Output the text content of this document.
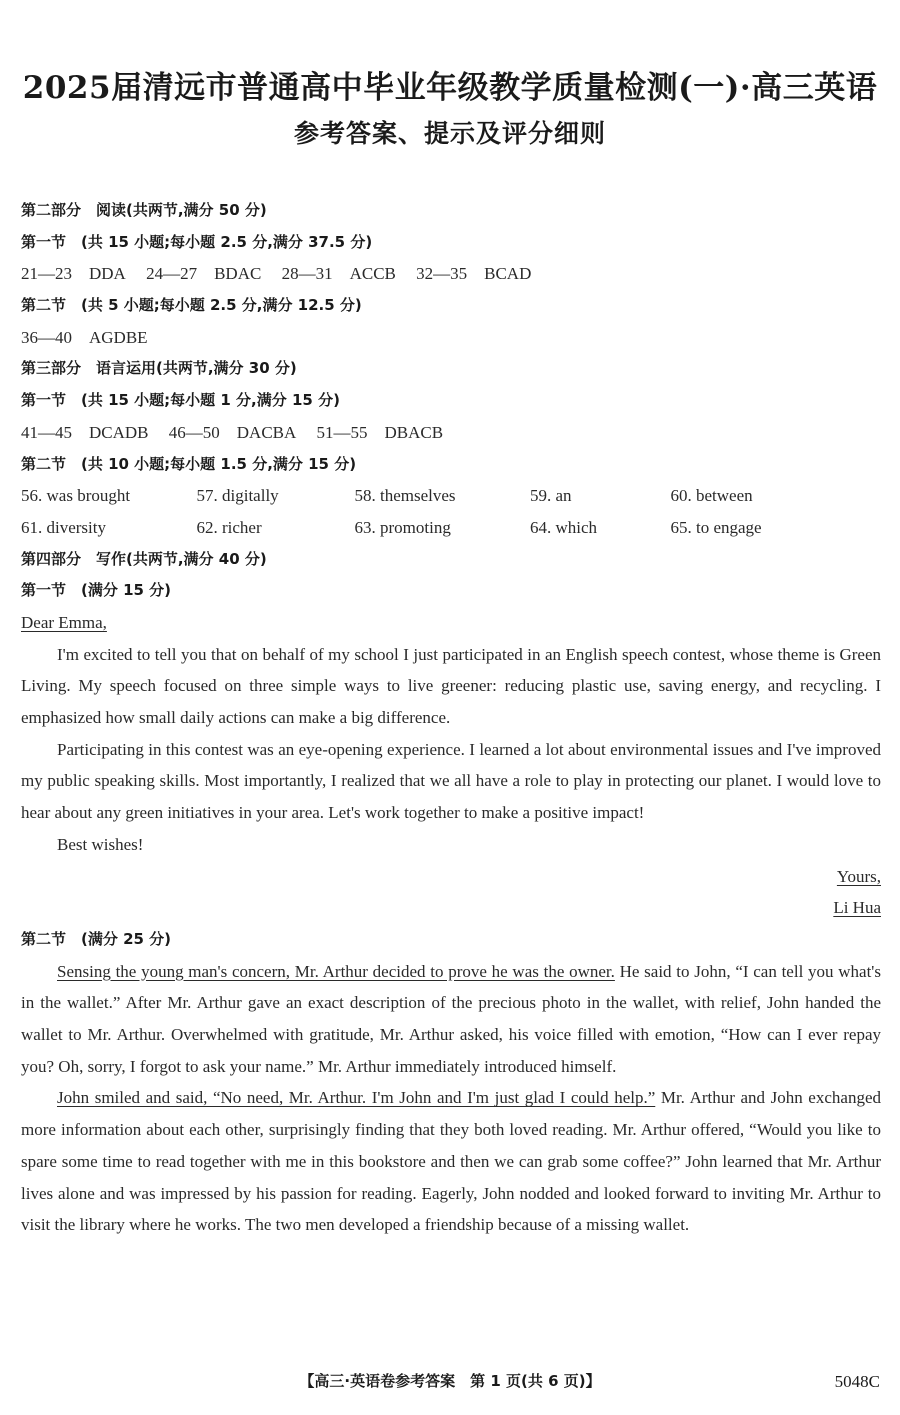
2025届清远市普通高中毕业年级教学质量检测(一)·高三英语
参考答案、提示及评分细则
第二部分　阅读(共两节,满分 50 分)
第一节　(共 15 小题;每小题 2.5 分,满分 37.5 分)
21—23　DDA 24—27　BDAC 28—31　ACCB 32—35　BCAD
第二节　(共 5 小题;每小题 2.5 分,满分 12.5 分)
36—40　AGDBE
第三部分　语言运用(共两节,满分 30 分)
第一节　(共 15 小题;每小题 1 分,满分 15 分)
41—45　DCADB 46—50　DACBA 51—55　DBACB
第二节　(共 10 小题;每小题 1.5 分,满分 15 分)
56. was brought	57. digitally	58. themselves	59. an	60. between
61. diversity	62. richer	63. promoting	64. which	65. to engage
第四部分　写作(共两节,满分 40 分)
第一节　(满分 15 分)

Dear Emma,

I'm excited to tell you that on behalf of my school I just participated in an English speech contest, whose theme is Green Living. My speech focused on three simple ways to live greener: reducing plastic use, saving energy, and recycling. I emphasized how small daily actions can make a big difference.

Participating in this contest was an eye-opening experience. I learned a lot about environmental issues and I've improved my public speaking skills. Most importantly, I realized that we all have a role to play in protecting our planet. I would love to hear about any green initiatives in your area. Let's work together to make a positive impact!

Best wishes!

Yours,
Li Hua
第二节　(满分 25 分)

Sensing the young man's concern, Mr. Arthur decided to prove he was the owner. He said to John, “I can tell you what's in the wallet.” After Mr. Arthur gave an exact description of the precious photo in the wallet, with relief, John handed the wallet to Mr. Arthur. Overwhelmed with gratitude, Mr. Arthur asked, his voice filled with emotion, “How can I ever repay you? Oh, sorry, I forgot to ask your name.” Mr. Arthur immediately introduced himself.

John smiled and said, “No need, Mr. Arthur. I'm John and I'm just glad I could help.” Mr. Arthur and John exchanged more information about each other, surprisingly finding that they both loved reading. Mr. Arthur offered, “Would you like to spare some time to read together with me in this bookstore and then we can grab some coffee?” John learned that Mr. Arthur lives alone and was impressed by his passion for reading. Eagerly, John nodded and looked forward to inviting Mr. Arthur to visit the library where he works. The two men developed a friendship because of a missing wallet.

【高三·英语卷参考答案　第 1 页(共 6 页)】	5048C
